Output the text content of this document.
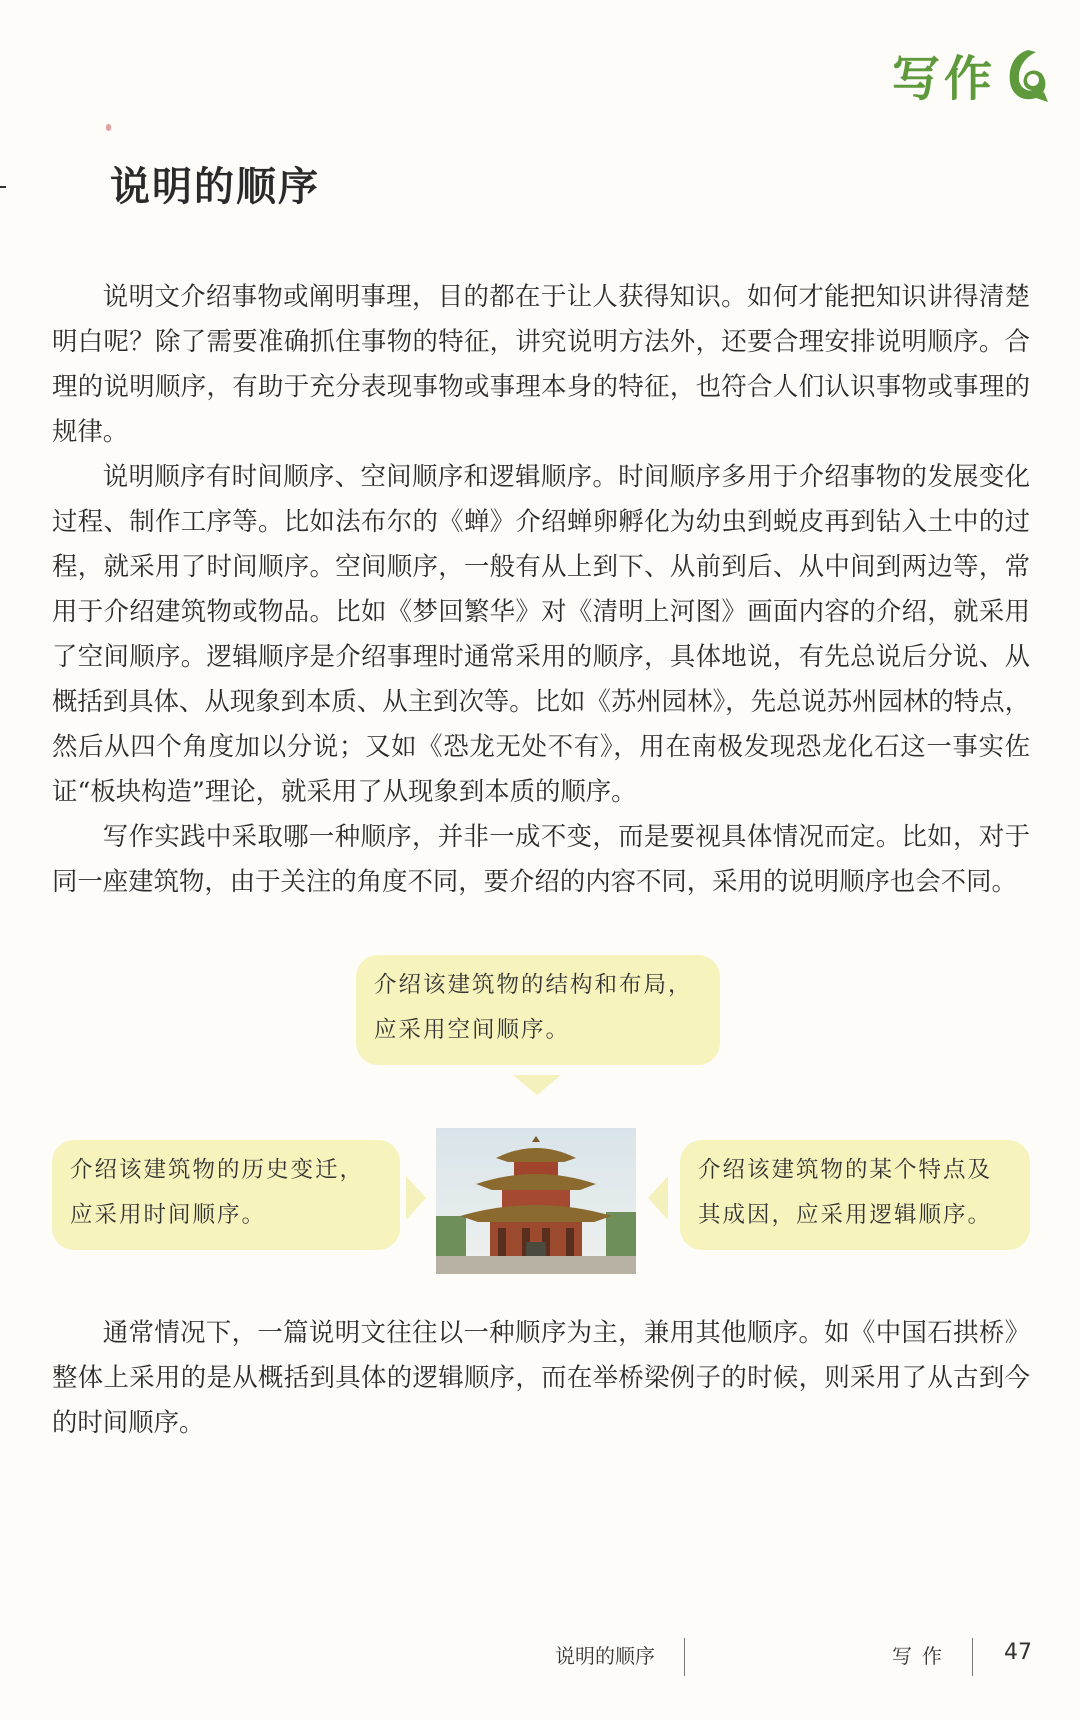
写作
说明的顺序

说明文介绍事物或阐明事理，目的都在于让人获得知识。如何才能把知识讲得清楚明白呢？除了需要准确抓住事物的特征，讲究说明方法外，还要合理安排说明顺序。合理的说明顺序，有助于充分表现事物或事理本身的特征，也符合人们认识事物或事理的规律。

说明顺序有时间顺序、空间顺序和逻辑顺序。时间顺序多用于介绍事物的发展变化过程、制作工序等。比如法布尔的《蝉》介绍蝉卵孵化为幼虫到蜕皮再到钻入土中的过程，就采用了时间顺序。空间顺序，一般有从上到下、从前到后、从中间到两边等，常用于介绍建筑物或物品。比如《梦回繁华》对《清明上河图》画面内容的介绍，就采用了空间顺序。逻辑顺序是介绍事理时通常采用的顺序，具体地说，有先总说后分说、从概括到具体、从现象到本质、从主到次等。比如《苏州园林》，先总说苏州园林的特点，然后从四个角度加以分说；又如《恐龙无处不有》，用在南极发现恐龙化石这一事实佐证“板块构造”理论，就采用了从现象到本质的顺序。

写作实践中采取哪一种顺序，并非一成不变，而是要视具体情况而定。比如，对于同一座建筑物，由于关注的角度不同，要介绍的内容不同，采用的说明顺序也会不同。

介绍该建筑物的结构和布局，应采用空间顺序。
介绍该建筑物的历史变迁，应采用时间顺序。
介绍该建筑物的某个特点及其成因，应采用逻辑顺序。

通常情况下，一篇说明文往往以一种顺序为主，兼用其他顺序。如《中国石拱桥》整体上采用的是从概括到具体的逻辑顺序，而在举桥梁例子的时候，则采用了从古到今的时间顺序。

说明的顺序	写作 47
